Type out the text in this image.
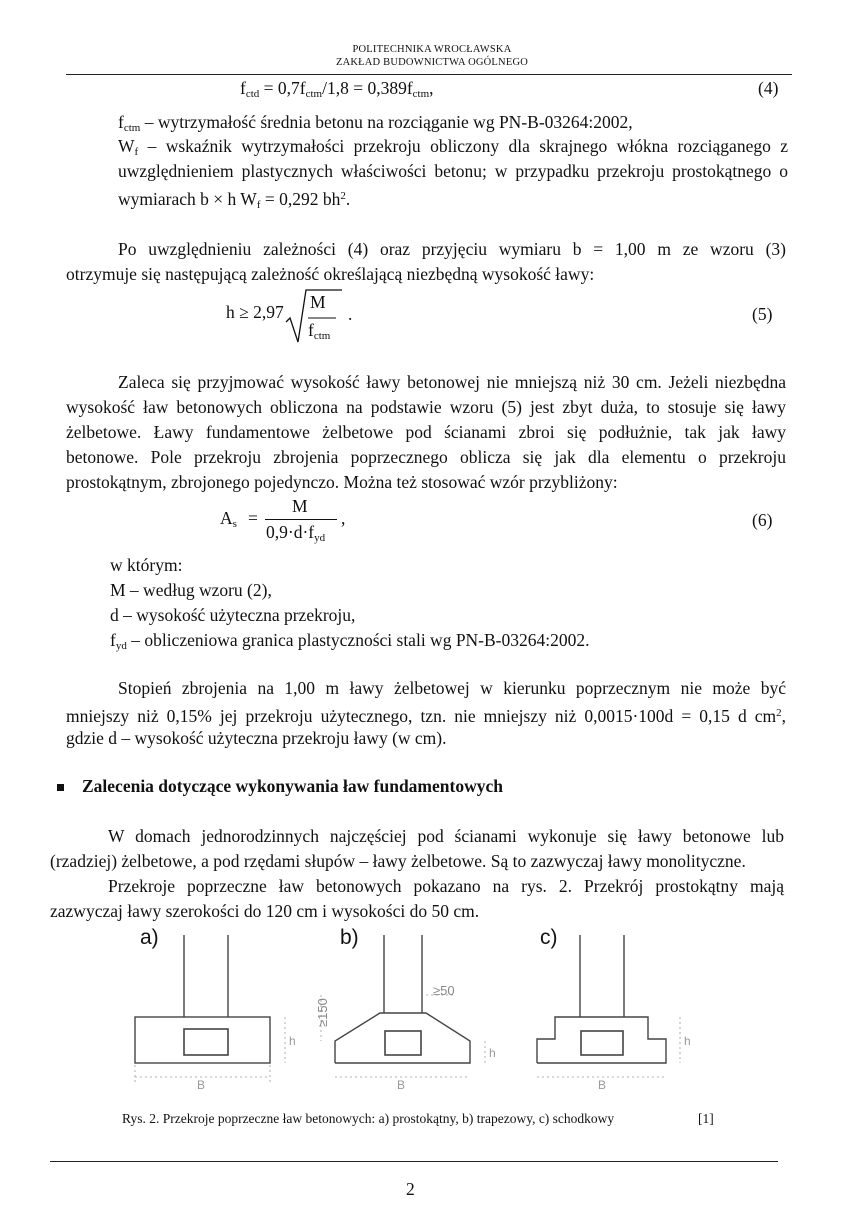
POLITECHNIKA WROCŁAWSKA
ZAKŁAD BUDOWNICTWA OGÓLNEGO
$f_{ctd} = 0,7f_{ctm}/1,8 = 0,389f_{ctm}$,	(4)
$f_{ctm}$ – wytrzymałość średnia betonu na rozciąganie wg PN-B-03264:2002,
$W_f$ – wskaźnik wytrzymałości przekroju obliczony dla skrajnego włókna rozciąganego z
uwzględnieniem plastycznych właściwości betonu; w przypadku przekroju prostokątnego o
wymiarach b × h $W_f = 0,292$ $bh^2$.
Po uwzględnieniu zależności (4) oraz przyjęciu wymiaru b = 1,00 m ze wzoru (3)
otrzymuje się następującą zależność określającą niezbędną wysokość ławy:
h ≥ 2,97 M
$f_{ctm}$
.	(5)
Zaleca się przyjmować wysokość ławy betonowej nie mniejszą niż 30 cm. Jeżeli niezbędna
wysokość ław betonowych obliczona na podstawie wzoru (5) jest zbyt duża, to stosuje się ławy
żelbetowe. Ławy fundamentowe żelbetowe pod ścianami zbroi się podłużnie, tak jak ławy
betonowe. Pole przekroju zbrojenia poprzecznego oblicza się jak dla elementu o przekroju
prostokątnym, zbrojonego pojedynczo. Można też stosować wzór przybliżony:
$A_s$ =
M
$0,9\cdot d\cdot f_{yd}$
,	(6)
w którym:
M – według wzoru (2),
d – wysokość użyteczna przekroju,
$f_{yd}$ – obliczeniowa granica plastyczności stali wg PN-B-03264:2002.
Stopień zbrojenia na 1,00 m ławy żelbetowej w kierunku poprzecznym nie może być
mniejszy niż 0,15% jej przekroju użytecznego, tzn. nie mniejszy niż 0,0015·100d = 0,15 d $cm^2$,
gdzie d – wysokość użyteczna przekroju ławy (w cm).
Zalecenia dotyczące wykonywania ław fundamentowych
W domach jednorodzinnych najczęściej pod ścianami wykonuje się ławy betonowe lub
(rzadziej) żelbetowe, a pod rzędami słupów – ławy żelbetowe. Są to zazwyczaj ławy monolityczne.
Przekroje poprzeczne ław betonowych pokazano na rys. 2. Przekrój prostokątny mają
zazwyczaj ławy szerokości do 120 cm i wysokości do 50 cm.
a)	b)	c)
B
h
B
h
≥50
≥150
B
h
Rys. 2. Przekroje poprzeczne ław betonowych: a) prostokątny, b) trapezowy, c) schodkowy	[1]
2
